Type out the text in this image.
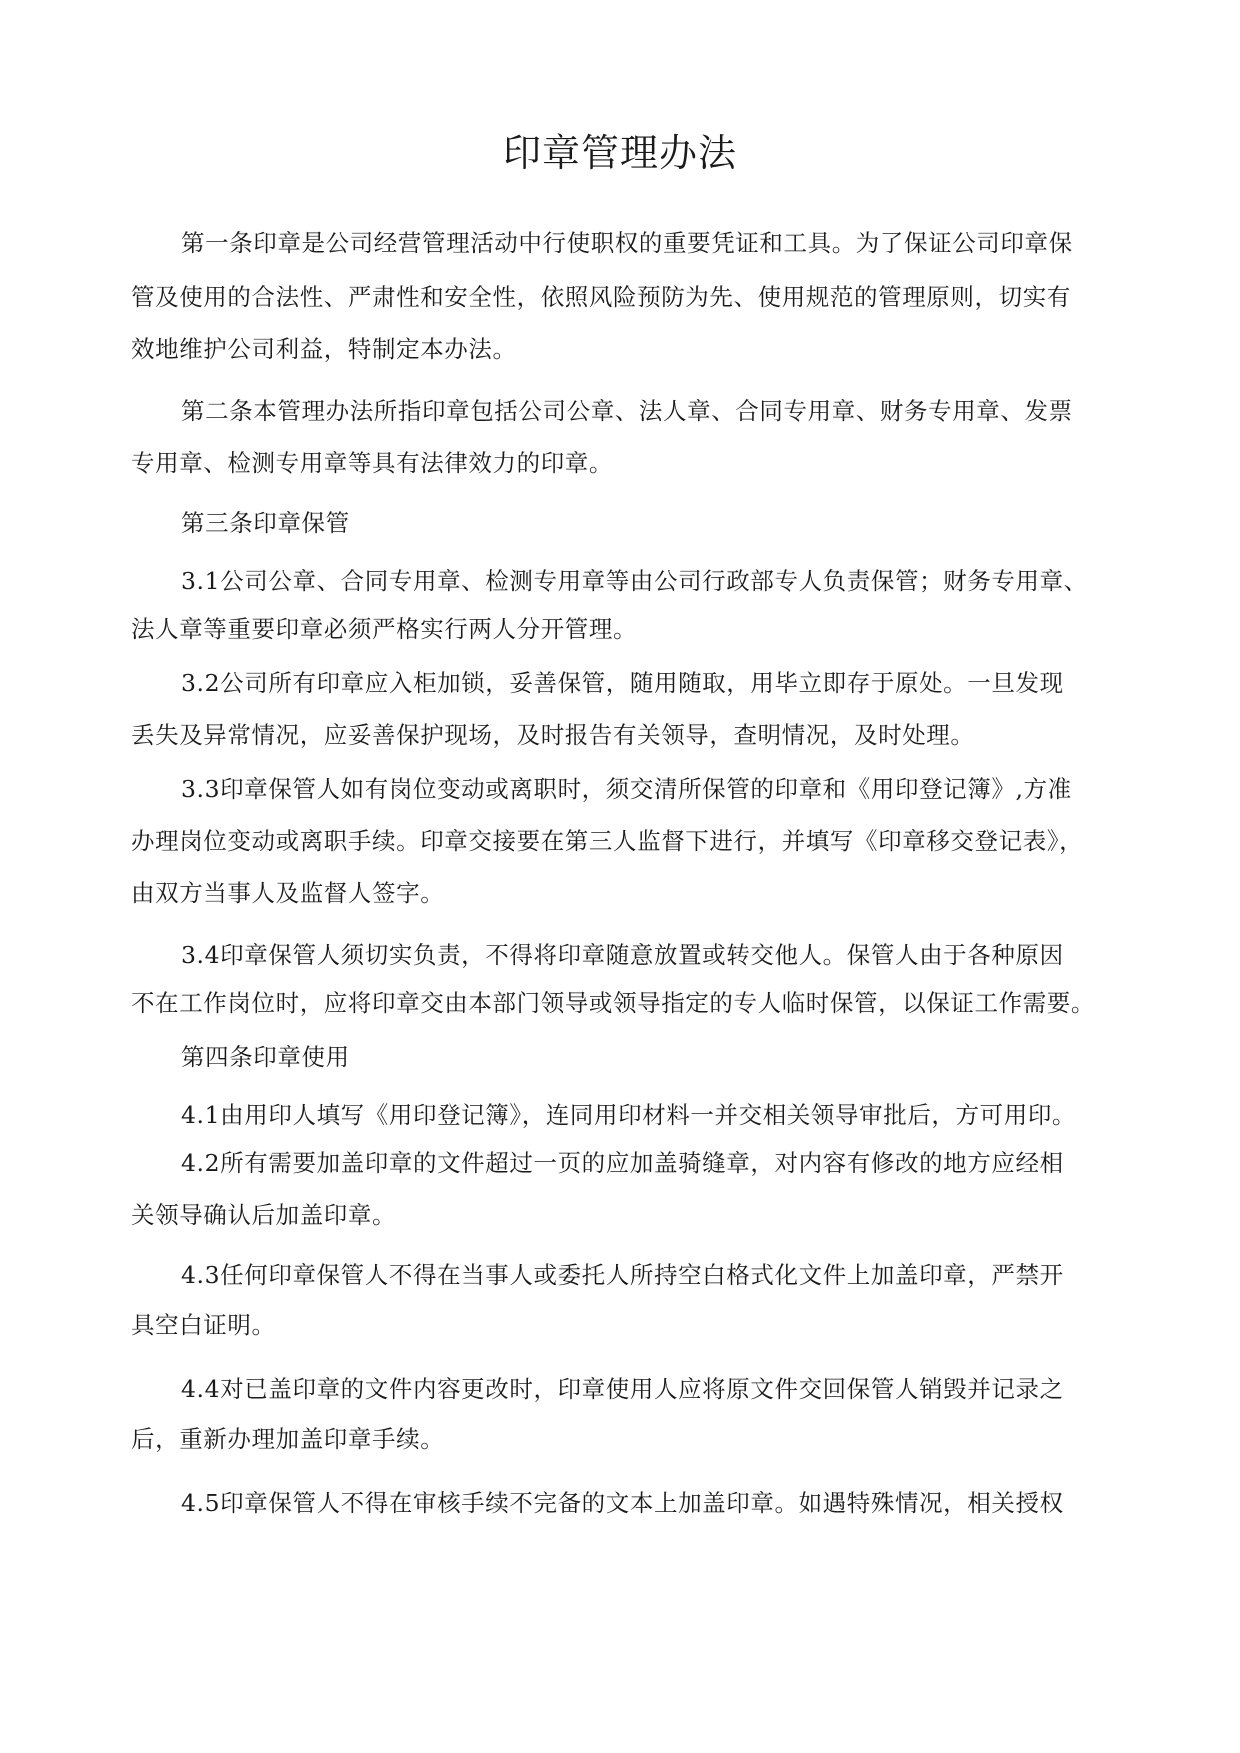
印章管理办法

第一条印章是公司经营管理活动中行使职权的重要凭证和工具。为了保证公司印章保

管及使用的合法性、严肃性和安全性，依照风险预防为先、使用规范的管理原则，切实有

效地维护公司利益，特制定本办法。

第二条本管理办法所指印章包括公司公章、法人章、合同专用章、财务专用章、发票

专用章、检测专用章等具有法律效力的印章。

第三条印章保管

3.1公司公章、合同专用章、检测专用章等由公司行政部专人负责保管；财务专用章、

法人章等重要印章必须严格实行两人分开管理。

3.2公司所有印章应入柜加锁，妥善保管，随用随取，用毕立即存于原处。一旦发现

丢失及异常情况，应妥善保护现场，及时报告有关领导，查明情况，及时处理。

3.3印章保管人如有岗位变动或离职时，须交清所保管的印章和《用印登记簿》,方准

办理岗位变动或离职手续。印章交接要在第三人监督下进行，并填写《印章移交登记表》，

由双方当事人及监督人签字。

3.4印章保管人须切实负责，不得将印章随意放置或转交他人。保管人由于各种原因

不在工作岗位时，应将印章交由本部门领导或领导指定的专人临时保管，以保证工作需要。

第四条印章使用

4.1由用印人填写《用印登记簿》，连同用印材料一并交相关领导审批后，方可用印。

4.2所有需要加盖印章的文件超过一页的应加盖骑缝章，对内容有修改的地方应经相

关领导确认后加盖印章。

4.3任何印章保管人不得在当事人或委托人所持空白格式化文件上加盖印章，严禁开

具空白证明。

4.4对已盖印章的文件内容更改时，印章使用人应将原文件交回保管人销毁并记录之

后，重新办理加盖印章手续。

4.5印章保管人不得在审核手续不完备的文本上加盖印章。如遇特殊情况，相关授权
